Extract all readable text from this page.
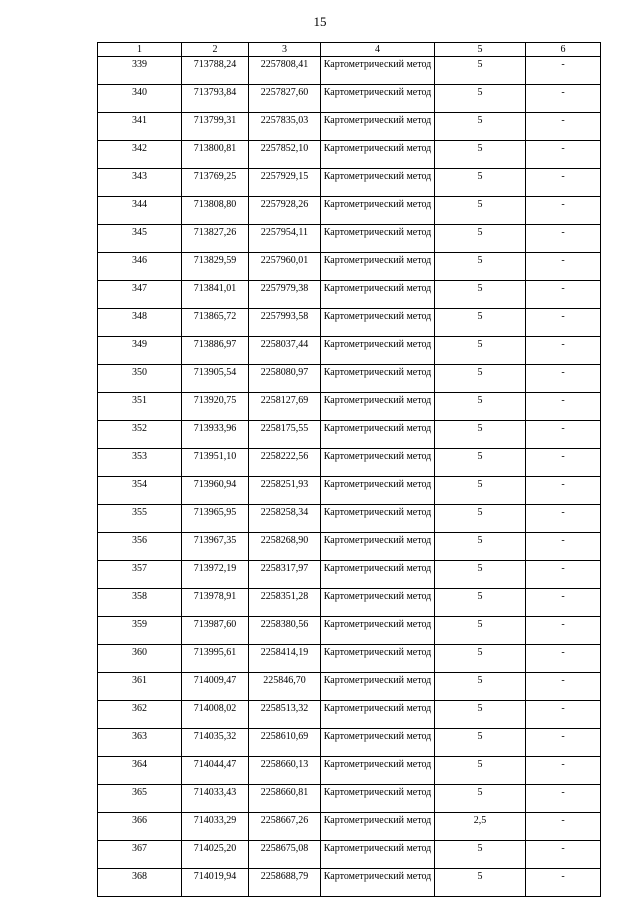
15
1	2	3	4	5	6
339	713788,24	2257808,41	Картометрический метод	5	-
340	713793,84	2257827,60	Картометрический метод	5	-
341	713799,31	2257835,03	Картометрический метод	5	-
342	713800,81	2257852,10	Картометрический метод	5	-
343	713769,25	2257929,15	Картометрический метод	5	-
344	713808,80	2257928,26	Картометрический метод	5	-
345	713827,26	2257954,11	Картометрический метод	5	-
346	713829,59	2257960,01	Картометрический метод	5	-
347	713841,01	2257979,38	Картометрический метод	5	-
348	713865,72	2257993,58	Картометрический метод	5	-
349	713886,97	2258037,44	Картометрический метод	5	-
350	713905,54	2258080,97	Картометрический метод	5	-
351	713920,75	2258127,69	Картометрический метод	5	-
352	713933,96	2258175,55	Картометрический метод	5	-
353	713951,10	2258222,56	Картометрический метод	5	-
354	713960,94	2258251,93	Картометрический метод	5	-
355	713965,95	2258258,34	Картометрический метод	5	-
356	713967,35	2258268,90	Картометрический метод	5	-
357	713972,19	2258317,97	Картометрический метод	5	-
358	713978,91	2258351,28	Картометрический метод	5	-
359	713987,60	2258380,56	Картометрический метод	5	-
360	713995,61	2258414,19	Картометрический метод	5	-
361	714009,47	225846,70	Картометрический метод	5	-
362	714008,02	2258513,32	Картометрический метод	5	-
363	714035,32	2258610,69	Картометрический метод	5	-
364	714044,47	2258660,13	Картометрический метод	5	-
365	714033,43	2258660,81	Картометрический метод	5	-
366	714033,29	2258667,26	Картометрический метод	2,5	-
367	714025,20	2258675,08	Картометрический метод	5	-
368	714019,94	2258688,79	Картометрический метод	5	-
